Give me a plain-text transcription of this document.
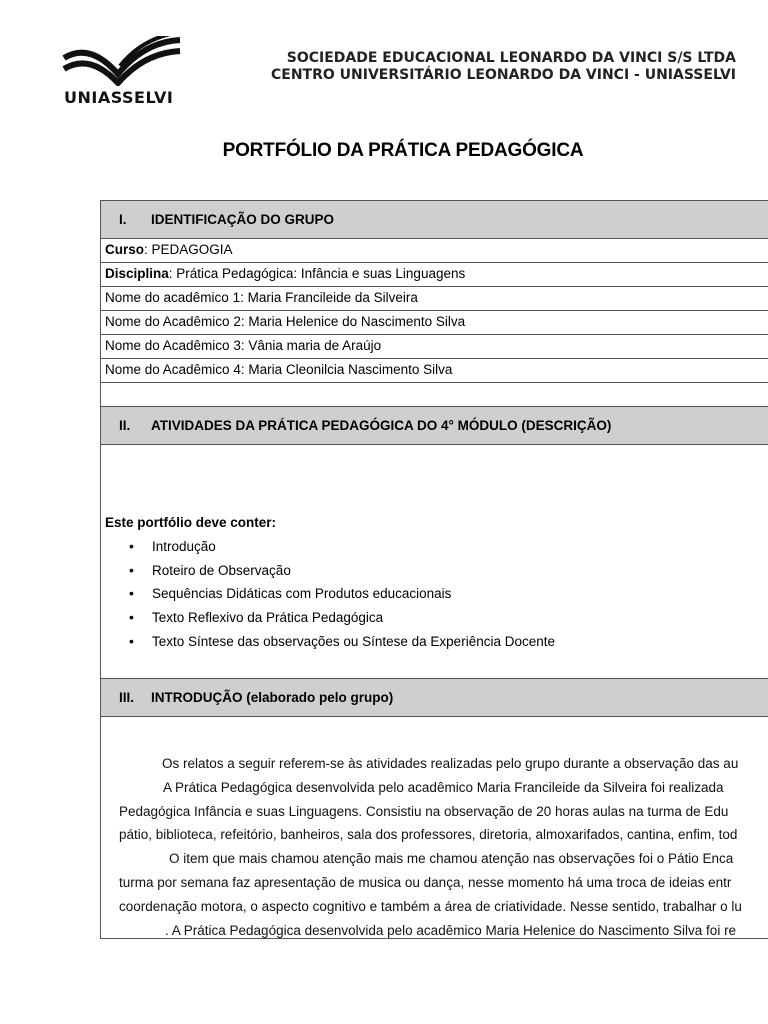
UNIASSELVI
SOCIEDADE EDUCACIONAL LEONARDO DA VINCI S/S LTDA
CENTRO UNIVERSITÁRIO LEONARDO DA VINCI - UNIASSELVI
PORTFÓLIO DA PRÁTICA PEDAGÓGICA
I.	IDENTIFICAÇÃO DO GRUPO
Curso: PEDAGOGIA
Disciplina: Prática Pedagógica: Infância e suas Linguagens
Nome do acadêmico 1: Maria Francileide da Silveira
Nome do Acadêmico 2: Maria Helenice do Nascimento Silva
Nome do Acadêmico 3: Vânia maria de Araújo
Nome do Acadêmico 4: Maria Cleonilcia Nascimento Silva
II.	ATIVIDADES DA PRÁTICA PEDAGÓGICA DO 4° MÓDULO (DESCRIÇÃO)
Este portfólio deve conter:
• Introdução
• Roteiro de Observação
• Sequências Didáticas com Produtos educacionais
• Texto Reflexivo da Prática Pedagógica
• Texto Síntese das observações ou Síntese da Experiência Docente
III.	INTRODUÇÃO (elaborado pelo grupo)
Os relatos a seguir referem-se às atividades realizadas pelo grupo durante a observação das au
A Prática Pedagógica desenvolvida pelo acadêmico Maria Francileide da Silveira foi realizada
Pedagógica Infância e suas Linguagens. Consistiu na observação de 20 horas aulas na turma de Edu
pátio, biblioteca, refeitório, banheiros, sala dos professores, diretoria, almoxarifados, cantina, enfim, tod
O item que mais chamou atenção mais me chamou atenção nas observações foi o Pátio Enca
turma por semana faz apresentação de musica ou dança, nesse momento há uma troca de ideias entr
coordenação motora, o aspecto cognitivo e também a área de criatividade. Nesse sentido, trabalhar o lu
. A Prática Pedagógica desenvolvida pelo acadêmico Maria Helenice do Nascimento Silva foi re
